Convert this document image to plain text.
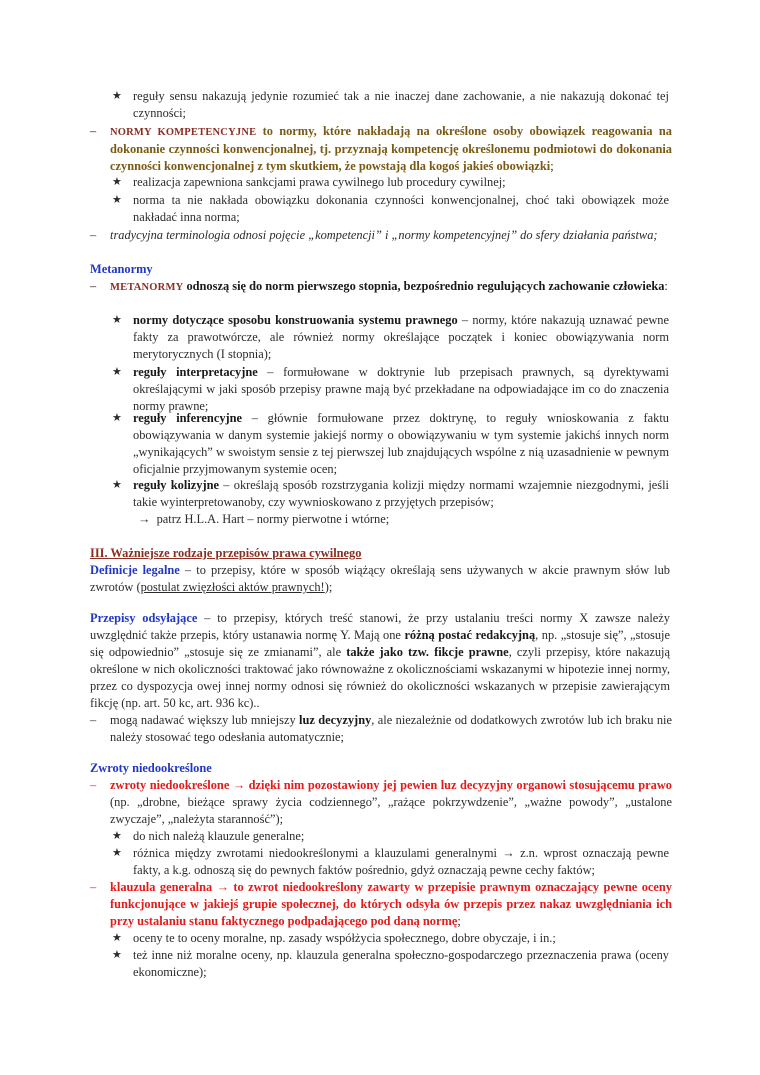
★ reguły sensu nakazują jedynie rozumieć tak a nie inaczej dane zachowanie, a nie nakazują dokonać tej czynności;
– NORMY KOMPETENCYJNE to normy, które nakładają na określone osoby obowiązek reagowania na dokonanie czynności konwencjonalnej, tj. przyznają kompetencję określonemu podmiotowi do dokonania czynności konwencjonalnej z tym skutkiem, że powstają dla kogoś jakieś obowiązki;
★ realizacja zapewniona sankcjami prawa cywilnego lub procedury cywilnej;
★ norma ta nie nakłada obowiązku dokonania czynności konwencjonalnej, choć taki obowiązek może nakładać inna norma;
– tradycyjna terminologia odnosi pojęcie „kompetencji” i „normy kompetencyjnej” do sfery działania państwa;
Metanormy
– METANORMY odnoszą się do norm pierwszego stopnia, bezpośrednio regulujących zachowanie człowieka:
★ normy dotyczące sposobu konstruowania systemu prawnego – normy, które nakazują uznawać pewne fakty za prawotwórcze, ale również normy określające początek i koniec obowiązywania norm merytorycznych (I stopnia);
★ reguły interpretacyjne – formułowane w doktrynie lub przepisach prawnych, są dyrektywami określającymi w jaki sposób przepisy prawne mają być przekładane na odpowiadające im co do znaczenia normy prawne;
★ reguły inferencyjne – głównie formułowane przez doktrynę, to reguły wnioskowania z faktu obowiązywania w danym systemie jakiejś normy o obowiązywaniu w tym systemie jakichś innych norm „wynikających” w swoistym sensie z tej pierwszej lub znajdujących wspólne z nią uzasadnienie w pewnym oficjalnie przyjmowanym systemie ocen;
★ reguły kolizyjne – określają sposób rozstrzygania kolizji między normami wzajemnie niezgodnymi, jeśli takie wyinterpretowanoby, czy wywnioskowano z przyjętych przepisów;
→ patrz H.L.A. Hart – normy pierwotne i wtórne;
III. Ważniejsze rodzaje przepisów prawa cywilnego
Definicje legalne – to przepisy, które w sposób wiążący określają sens używanych w akcie prawnym słów lub zwrotów (postulat zwięzłości aktów prawnych!);
Przepisy odsyłające – to przepisy, których treść stanowi, że przy ustalaniu treści normy X zawsze należy uwzględnić także przepis, który ustanawia normę Y. Mają one różną postać redakcyjną, np. „stosuje się”, „stosuje się odpowiednio” „stosuje się ze zmianami”, ale także jako tzw. fikcje prawne, czyli przepisy, które nakazują określone w nich okoliczności traktować jako równoważne z okolicznościami wskazanymi w hipotezie innej normy, przez co dyspozycja owej innej normy odnosi się również do okoliczności wskazanych w przepisie zawierającym fikcję (np. art. 50 kc, art. 936 kc)..
– mogą nadawać większy lub mniejszy luz decyzyjny, ale niezależnie od dodatkowych zwrotów lub ich braku nie należy stosować tego odesłania automatycznie;
Zwroty niedookreślone
– zwroty niedookreślone → dzięki nim pozostawiony jej pewien luz decyzyjny organowi stosującemu prawo (np. „drobne, bieżące sprawy życia codziennego”, „rażące pokrzywdzenie”, „ważne powody”, „ustalone zwyczaje”, „należyta staranność”);
★ do nich należą klauzule generalne;
★ różnica między zwrotami niedookreślonymi a klauzulami generalnymi → z.n. wprost oznaczają pewne fakty, a k.g. odnoszą się do pewnych faktów pośrednio, gdyż oznaczają pewne cechy faktów;
– klauzula generalna → to zwrot niedookreślony zawarty w przepisie prawnym oznaczający pewne oceny funkcjonujące w jakiejś grupie społecznej, do których odsyła ów przepis przez nakaz uwzględniania ich przy ustalaniu stanu faktycznego podpadającego pod daną normę;
★ oceny te to oceny moralne, np. zasady współżycia społecznego, dobre obyczaje, i in.;
★ też inne niż moralne oceny, np. klauzula generalna społeczno-gospodarczego przeznaczenia prawa (oceny ekonomiczne);
